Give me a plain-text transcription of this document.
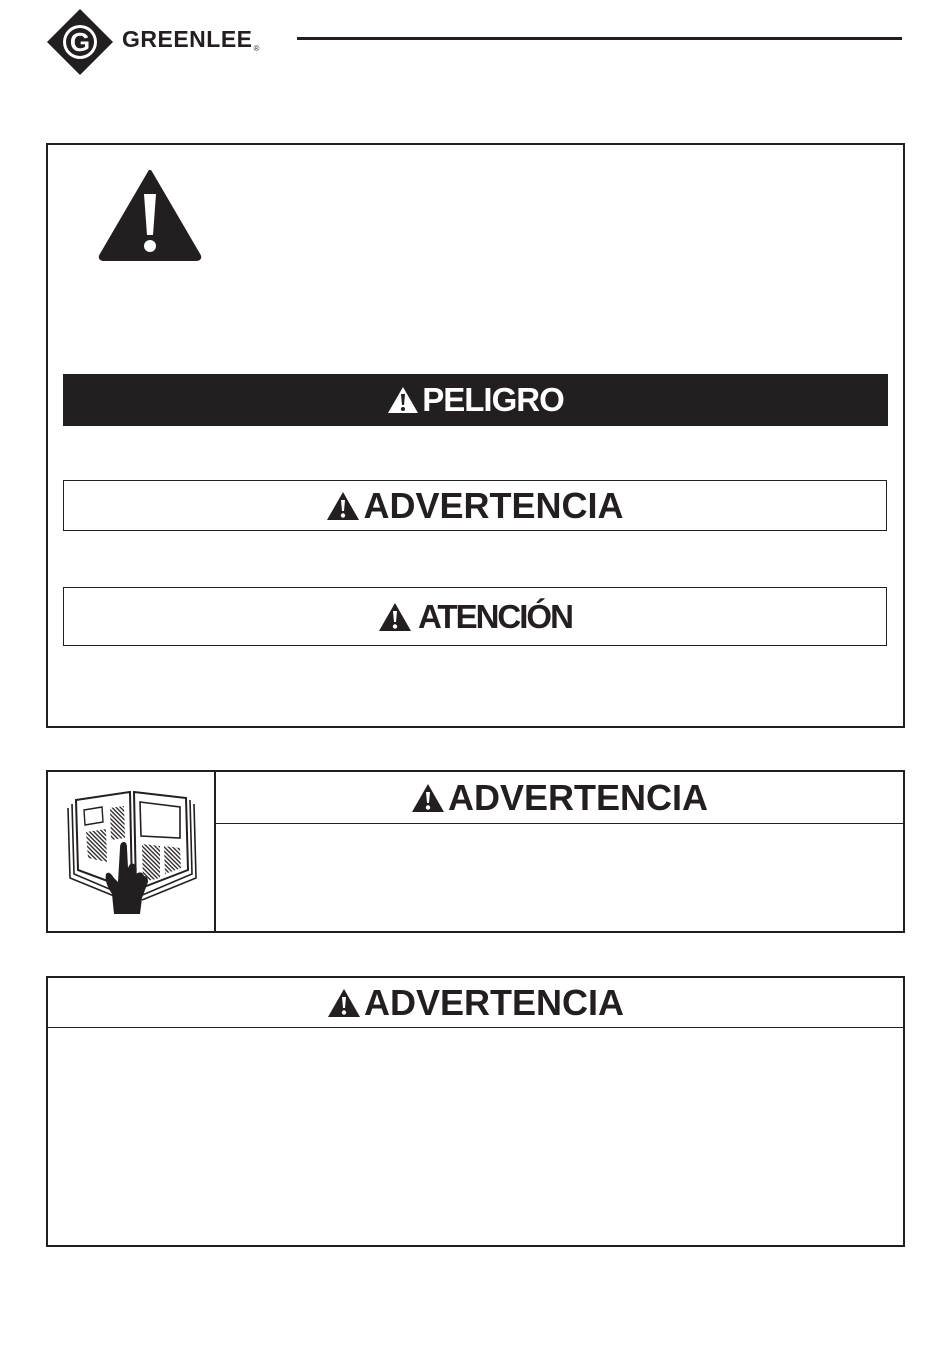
G GREENLEE®
PELIGRO
ADVERTENCIA
ATENCIÓN
ADVERTENCIA
ADVERTENCIA
